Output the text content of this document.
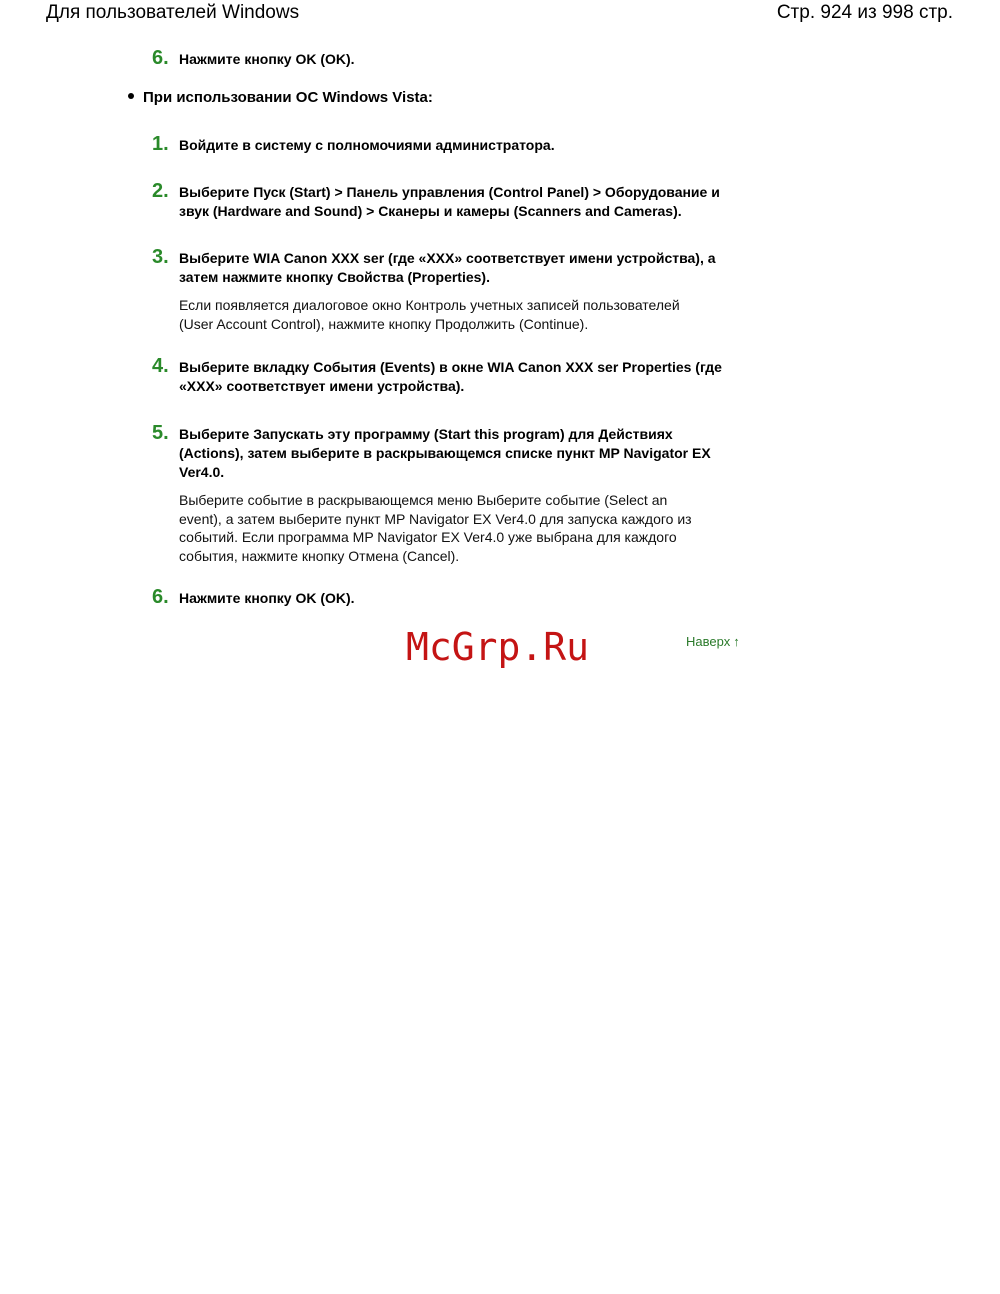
Для пользователей Windows	Стр. 924 из 998 стр.
6. Нажмите кнопку OK (OK).
При использовании ОС Windows Vista:
1. Войдите в систему с полномочиями администратора.
2. Выберите Пуск (Start) > Панель управления (Control Panel) > Оборудование и
звук (Hardware and Sound) > Сканеры и камеры (Scanners and Cameras).
3. Выберите WIA Canon XXX ser (где «XXX» соответствует имени устройства), а
затем нажмите кнопку Свойства (Properties).
Если появляется диалоговое окно Контроль учетных записей пользователей
(User Account Control), нажмите кнопку Продолжить (Continue).
4. Выберите вкладку События (Events) в окне WIA Canon XXX ser Properties (где
«XXX» соответствует имени устройства).
5. Выберите Запускать эту программу (Start this program) для Действиях
(Actions), затем выберите в раскрывающемся списке пункт MP Navigator EX
Ver4.0.
Выберите событие в раскрывающемся меню Выберите событие (Select an
event), а затем выберите пункт MP Navigator EX Ver4.0 для запуска каждого из
событий. Если программа MP Navigator EX Ver4.0 уже выбрана для каждого
события, нажмите кнопку Отмена (Cancel).
6. Нажмите кнопку OK (OK).
McGrp.Ru	Наверх ↑
